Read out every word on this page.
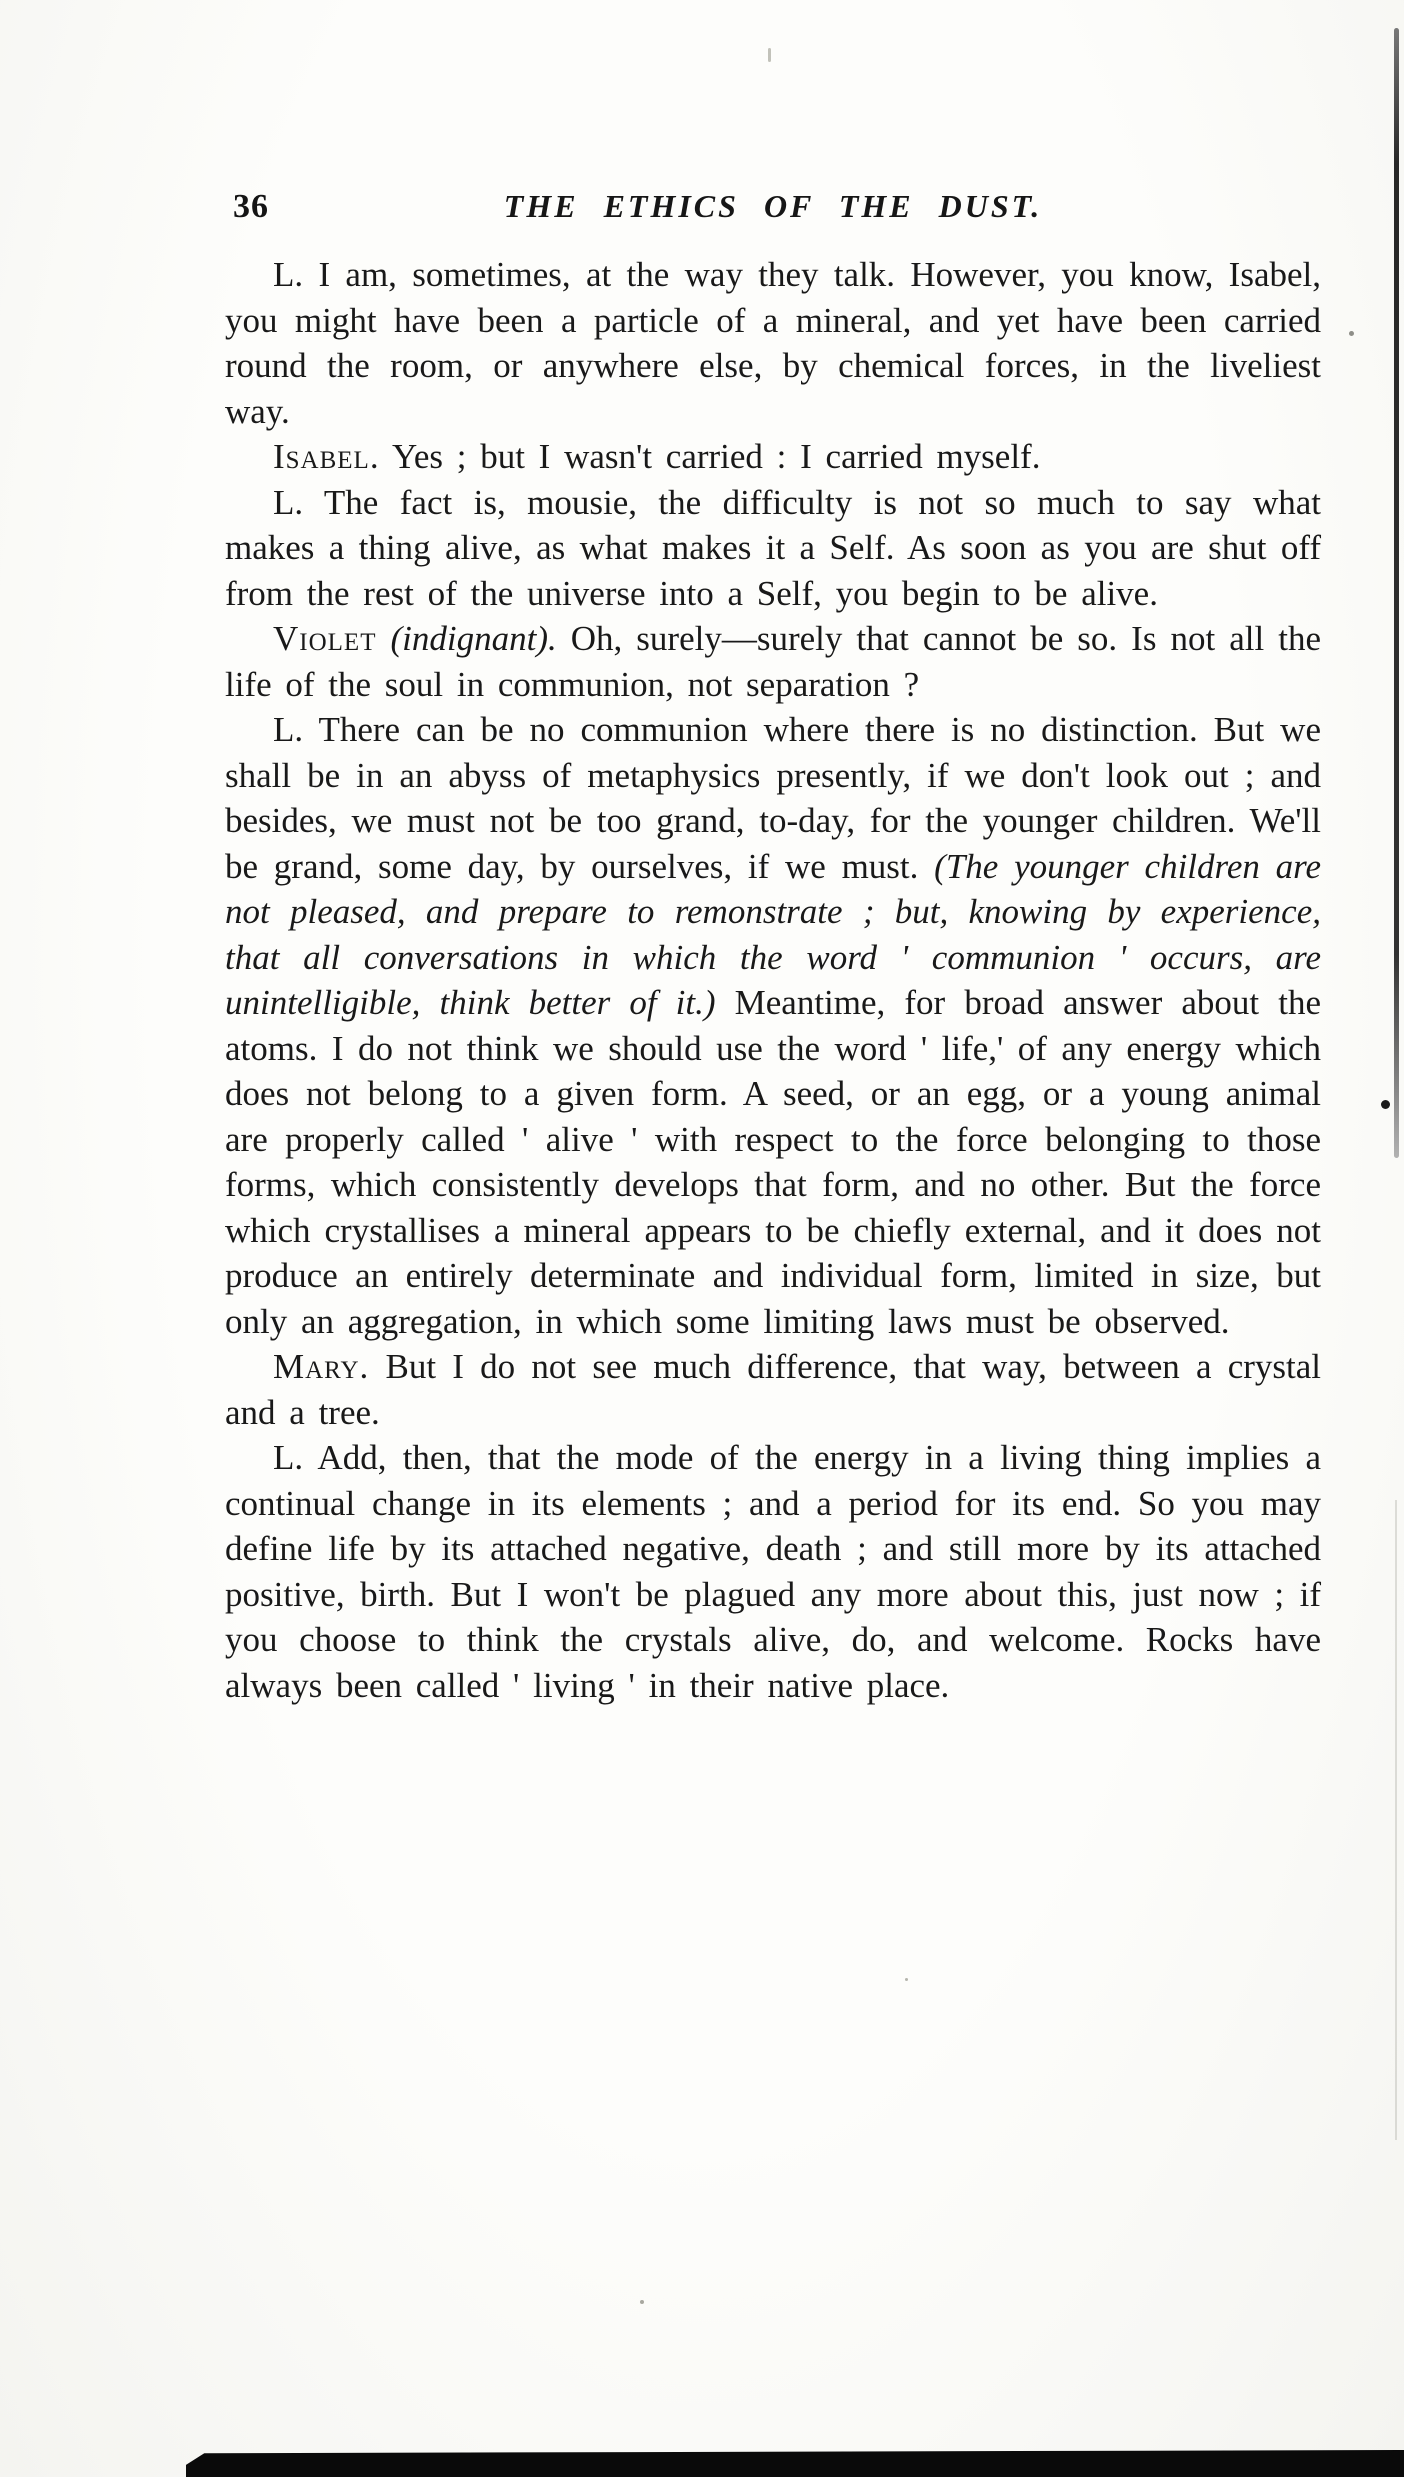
36	THE ETHICS OF THE DUST.

L. I am, sometimes, at the way they talk. However, you know, Isabel, you might have been a particle of a mineral, and yet have been carried round the room, or anywhere else, by chemical forces, in the liveliest way.

Isabel. Yes ; but I wasn't carried : I carried myself.

L. The fact is, mousie, the difficulty is not so much to say what makes a thing alive, as what makes it a Self. As soon as you are shut off from the rest of the universe into a Self, you begin to be alive.

Violet (indignant). Oh, surely—surely that cannot be so. Is not all the life of the soul in communion, not separation ?

L. There can be no communion where there is no distinction. But we shall be in an abyss of metaphysics presently, if we don't look out ; and besides, we must not be too grand, to-day, for the younger children. We'll be grand, some day, by ourselves, if we must. (The younger children are not pleased, and prepare to remonstrate ; but, knowing by experience, that all conversations in which the word ' communion ' occurs, are unintelligible, think better of it.) Meantime, for broad answer about the atoms. I do not think we should use the word ' life,' of any energy which does not belong to a given form. A seed, or an egg, or a young animal are properly called ' alive ' with respect to the force belonging to those forms, which consistently develops that form, and no other. But the force which crystallises a mineral appears to be chiefly external, and it does not produce an entirely determinate and individual form, limited in size, but only an aggregation, in which some limiting laws must be observed.

Mary. But I do not see much difference, that way, between a crystal and a tree.

L. Add, then, that the mode of the energy in a living thing implies a continual change in its elements ; and a period for its end. So you may define life by its attached negative, death ; and still more by its attached positive, birth. But I won't be plagued any more about this, just now ; if you choose to think the crystals alive, do, and welcome. Rocks have always been called ' living ' in their native place.
